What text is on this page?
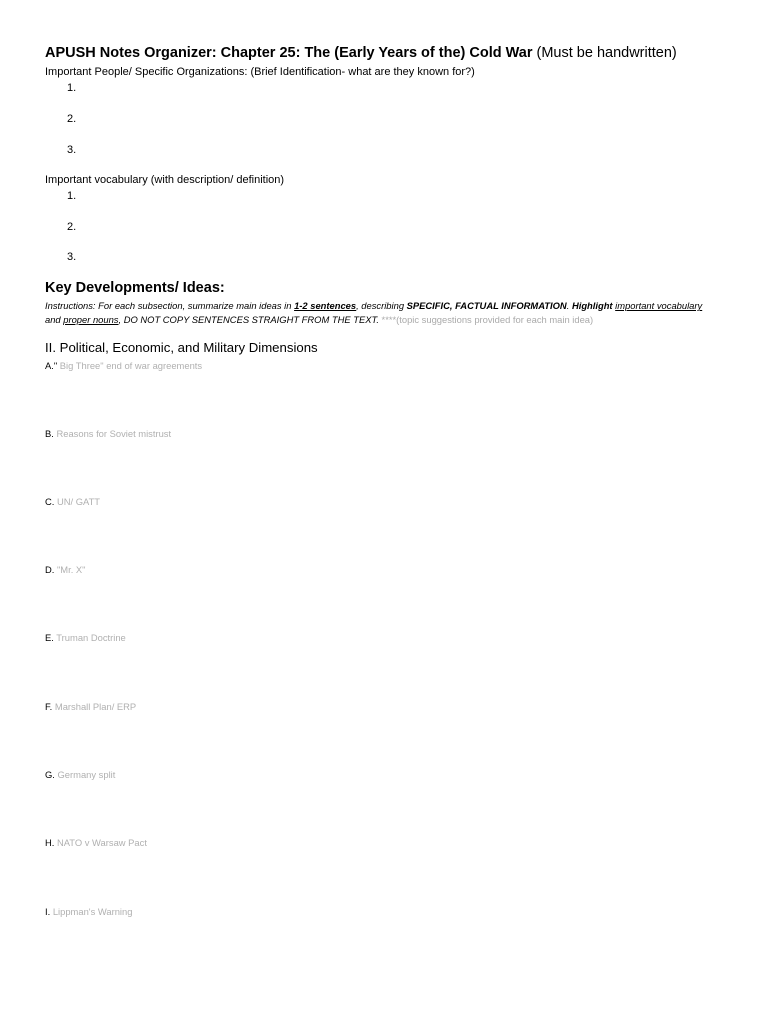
APUSH Notes Organizer: Chapter 25: The (Early Years of the) Cold War (Must be handwritten)
Important People/ Specific Organizations: (Brief Identification- what are they known for?)
1.
2.
3.
Important vocabulary (with description/ definition)
1.
2.
3.
Key Developments/ Ideas:
Instructions: For each subsection, summarize main ideas in 1-2 sentences, describing SPECIFIC, FACTUAL INFORMATION. Highlight important vocabulary and proper nouns, DO NOT COPY SENTENCES STRAIGHT FROM THE TEXT. ****(topic suggestions provided for each main idea)
II. Political, Economic, and Military Dimensions
A." Big Three" end of war agreements
B. Reasons for Soviet mistrust
C. UN/ GATT
D. "Mr. X"
E. Truman Doctrine
F. Marshall Plan/ ERP
G. Germany split
H. NATO v Warsaw Pact
I. Lippman's Warning
